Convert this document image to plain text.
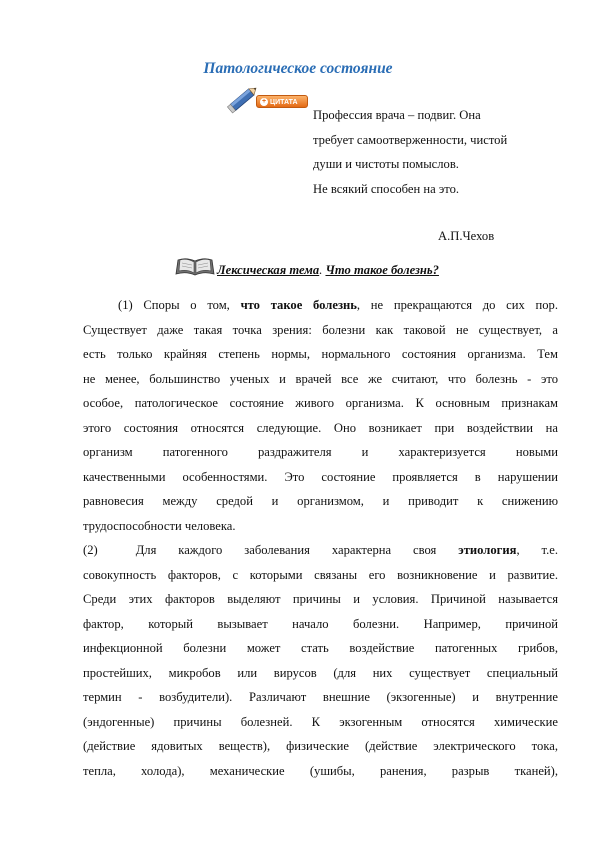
Патологическое состояние
+ ЦИТАТА
Профессия врача – подвиг. Она
требует самоотверженности, чистой
души и чистоты помыслов.
Не всякий способен на это.
А.П.Чехов
Лексическая тема. Что такое болезнь?
(1) Споры о том, что такое болезнь, не прекращаются до сих пор.
Существует даже такая точка зрения: болезни как таковой не существует, а
есть только крайняя степень нормы, нормального состояния организма. Тем
не менее, большинство ученых и врачей все же считают, что болезнь - это
особое, патологическое состояние живого организма. К основным признакам
этого состояния относятся следующие. Оно возникает при воздействии на
организм патогенного раздражителя и характеризуется новыми
качественными особенностями. Это состояние проявляется в нарушении
равновесия между средой и организмом, и приводит к снижению
трудоспособности человека.
(2)	Для каждого заболевания характерна своя этиология, т.е.
совокупность факторов, с которыми связаны его возникновение и развитие.
Среди этих факторов выделяют причины и условия. Причиной называется
фактор, который вызывает начало болезни. Например, причиной
инфекционной болезни может стать воздействие патогенных грибов,
простейших, микробов или вирусов (для них существует специальный
термин - возбудители). Различают внешние (экзогенные) и внутренние
(эндогенные) причины болезней. К экзогенным относятся химические
(действие ядовитых веществ), физические (действие электрического тока,
тепла, холода), механические (ушибы, ранения, разрыв тканей),
